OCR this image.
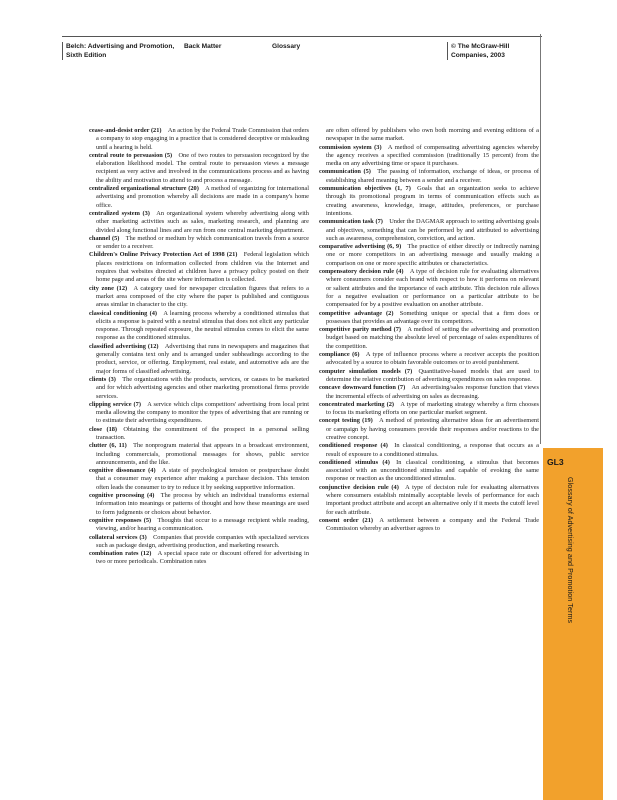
Belch: Advertising and Promotion, Sixth Edition
Back Matter	Glossary	© The McGraw-Hill Companies, 2003
GL3
Glossary of Advertising and Promotion Terms

cease-and-desist order (21)  An action by the Federal Trade Commission that orders a company to stop engaging in a practice that is considered deceptive or misleading until a hearing is held.

central route to persuasion (5)  One of two routes to persuasion recognized by the elaboration likelihood model. The central route to persuasion views a message recipient as very active and involved in the communications process and as having the ability and motivation to attend to and process a message.

centralized organizational structure (20)  A method of organizing for international advertising and promotion whereby all decisions are made in a company's home office.

centralized system (3)  An organizational system whereby advertising along with other marketing activities such as sales, marketing research, and planning are divided along functional lines and are run from one central marketing department.

channel (5)  The method or medium by which communication travels from a source or sender to a receiver.

Children's Online Privacy Protection Act of 1998 (21)  Federal legislation which places restrictions on information collected from children via the Internet and requires that websites directed at children have a privacy policy posted on their home page and areas of the site where information is collected.

city zone (12)  A category used for newspaper circulation figures that refers to a market area composed of the city where the paper is published and contiguous areas similar in character to the city.

classical conditioning (4)  A learning process whereby a conditioned stimulus that elicits a response is paired with a neutral stimulus that does not elicit any particular response. Through repeated exposure, the neutral stimulus comes to elicit the same response as the conditioned stimulus.

classified advertising (12)  Advertising that runs in newspapers and magazines that generally contains text only and is arranged under subheadings according to the product, service, or offering. Employment, real estate, and automotive ads are the major forms of classified advertising.

clients (3)  The organizations with the products, services, or causes to be marketed and for which advertising agencies and other marketing promotional firms provide services.

clipping service (7)  A service which clips competitors' advertising from local print media allowing the company to monitor the types of advertising that are running or to estimate their advertising expenditures.

close (18)  Obtaining the commitment of the prospect in a personal selling transaction.

clutter (6, 11)  The nonprogram material that appears in a broadcast environment, including commercials, promotional messages for shows, public service announcements, and the like.

cognitive dissonance (4)  A state of psychological tension or postpurchase doubt that a consumer may experience after making a purchase decision. This tension often leads the consumer to try to reduce it by seeking supportive information.

cognitive processing (4)  The process by which an individual transforms external information into meanings or patterns of thought and how these meanings are used to form judgments or choices about behavior.

cognitive responses (5)  Thoughts that occur to a message recipient while reading, viewing, and/or hearing a communication.

collateral services (3)  Companies that provide companies with specialized services such as package design, advertising production, and marketing research.

combination rates (12)  A special space rate or discount offered for advertising in two or more periodicals. Combination rates

are often offered by publishers who own both morning and evening editions of a newspaper in the same market.

commission system (3)  A method of compensating advertising agencies whereby the agency receives a specified commission (traditionally 15 percent) from the media on any advertising time or space it purchases.

communication (5)  The passing of information, exchange of ideas, or process of establishing shared meaning between a sender and a receiver.

communication objectives (1, 7)  Goals that an organization seeks to achieve through its promotional program in terms of communication effects such as creating awareness, knowledge, image, attitudes, preferences, or purchase intentions.

communication task (7)  Under the DAGMAR approach to setting advertising goals and objectives, something that can be performed by and attributed to advertising such as awareness, comprehension, conviction, and action.

comparative advertising (6, 9)  The practice of either directly or indirectly naming one or more competitors in an advertising message and usually making a comparison on one or more specific attributes or characteristics.

compensatory decision rule (4)  A type of decision rule for evaluating alternatives where consumers consider each brand with respect to how it performs on relevant or salient attributes and the importance of each attribute. This decision rule allows for a negative evaluation or performance on a particular attribute to be compensated for by a positive evaluation on another attribute.

competitive advantage (2)  Something unique or special that a firm does or possesses that provides an advantage over its competitors.

competitive parity method (7)  A method of setting the advertising and promotion budget based on matching the absolute level of percentage of sales expenditures of the competition.

compliance (6)  A type of influence process where a receiver accepts the position advocated by a source to obtain favorable outcomes or to avoid punishment.

computer simulation models (7)  Quantitative-based models that are used to determine the relative contribution of advertising expenditures on sales response.

concave downward function (7)  An advertising/sales response function that views the incremental effects of advertising on sales as decreasing.

concentrated marketing (2)  A type of marketing strategy whereby a firm chooses to focus its marketing efforts on one particular market segment.

concept testing (19)  A method of pretesting alternative ideas for an advertisement or campaign by having consumers provide their responses and/or reactions to the creative concept.

conditioned response (4)  In classical conditioning, a response that occurs as a result of exposure to a conditioned stimulus.

conditioned stimulus (4)  In classical conditioning, a stimulus that becomes associated with an unconditioned stimulus and capable of evoking the same response or reaction as the unconditioned stimulus.

conjunctive decision rule (4)  A type of decision rule for evaluating alternatives where consumers establish minimally acceptable levels of performance for each important product attribute and accept an alternative only if it meets the cutoff level for each attribute.

consent order (21)  A settlement between a company and the Federal Trade Commission whereby an advertiser agrees to
